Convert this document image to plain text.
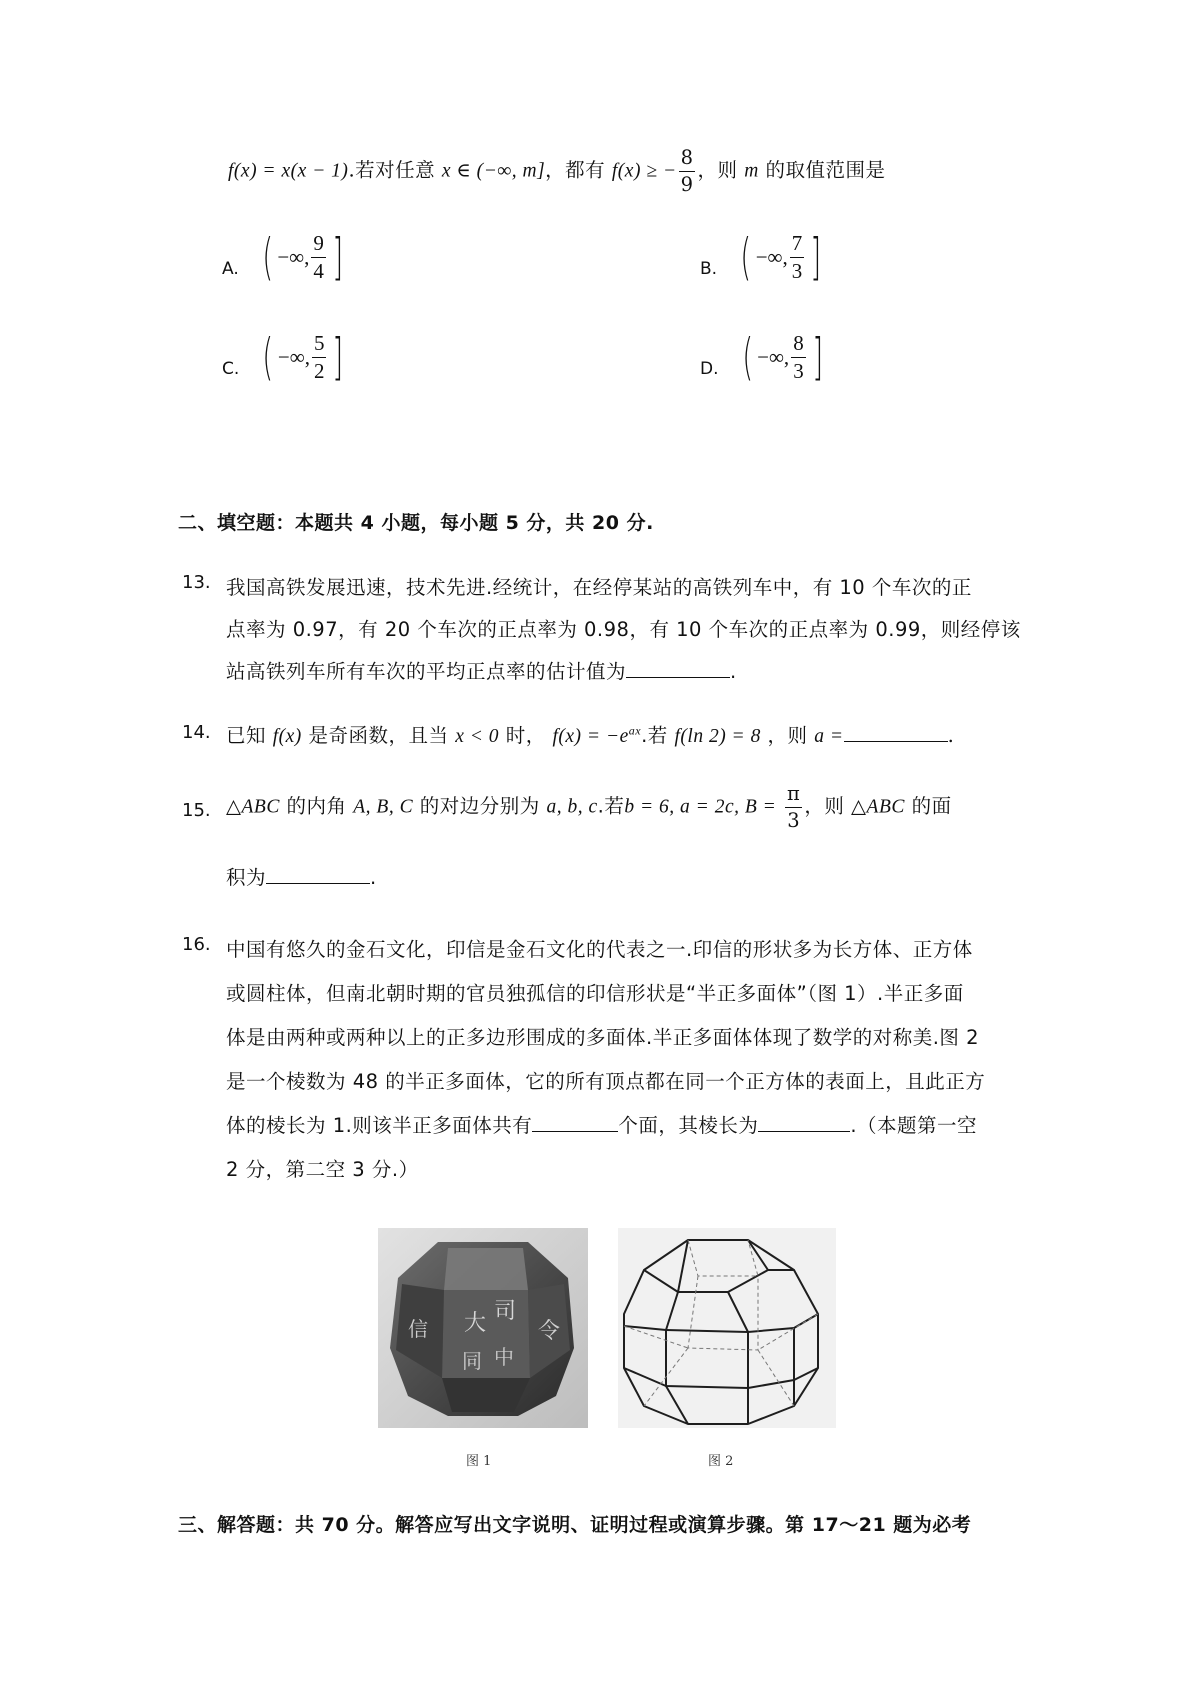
f(x) = x(x − 1).若对任意 x ∈ (−∞, m]，都有 f(x) ≥ − $\frac{8}{9}$ ，则 m 的取值范围是
A. ( −∞, $\frac{9}{4}$ ]	B. ( −∞, $\frac{7}{3}$ ]
C. ( −∞, $\frac{5}{2}$ ]	D. ( −∞, $\frac{8}{3}$ ]
二、填空题：本题共 4 小题，每小题 5 分，共 20 分.
13. 我国高铁发展迅速，技术先进.经统计，在经停某站的高铁列车中，有 10 个车次的正
点率为 0.97，有 20 个车次的正点率为 0.98，有 10 个车次的正点率为 0.99，则经停该
站高铁列车所有车次的平均正点率的估计值为	.
14. 已知 f(x) 是奇函数，且当 x < 0 时， $f(x) = -e^{ax}$.若 f(ln 2) = 8 ，则 a =	.
15. △ABC 的内角 A, B, C 的对边分别为 a, b, c.若b = 6, a = 2c, $B = \frac{\pi}{3}$ ，则 △ABC 的面
积为	.
16. 中国有悠久的金石文化，印信是金石文化的代表之一.印信的形状多为长方体、正方体
或圆柱体，但南北朝时期的官员独孤信的印信形状是“半正多面体”（图 1）.半正多面
体是由两种或两种以上的正多边形围成的多面体.半正多面体体现了数学的对称美.图 2
是一个棱数为 48 的半正多面体，它的所有顶点都在同一个正方体的表面上，且此正方
体的棱长为 1.则该半正多面体共有	个面，其棱长为	.（本题第一空
2 分，第二空 3 分.）
大 司
信	令
同 中
图 1	图 2
三、解答题：共 70 分。解答应写出文字说明、证明过程或演算步骤。第 17～21 题为必考
